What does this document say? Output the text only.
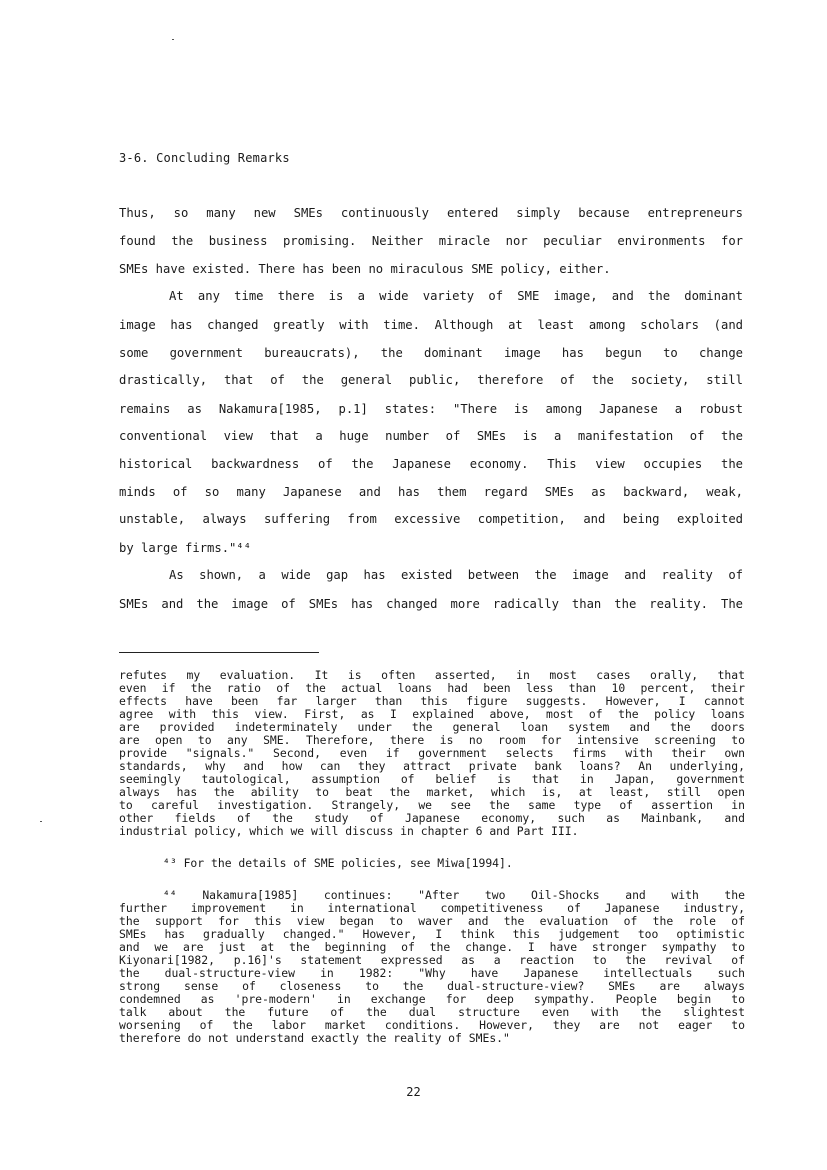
3-6. Concluding Remarks
Thus, so many new SMEs continuously entered simply because entrepreneurs
found the business promising. Neither miracle nor peculiar environments for
SMEs have existed. There has been no miraculous SME policy, either.
At any time there is a wide variety of SME image, and the dominant
image has changed greatly with time. Although at least among scholars (and
some government bureaucrats), the dominant image has begun to change
drastically, that of the general public, therefore of the society, still
remains as Nakamura[1985, p.1] states: "There is among Japanese a robust
conventional view that a huge number of SMEs is a manifestation of the
historical backwardness of the Japanese economy. This view occupies the
minds of so many Japanese and has them regard SMEs as backward, weak,
unstable, always suffering from excessive competition, and being exploited
by large firms."⁴⁴
As shown, a wide gap has existed between the image and reality of
SMEs and the image of SMEs has changed more radically than the reality. The
refutes my evaluation. It is often asserted, in most cases orally, that
even if the ratio of the actual loans had been less than 10 percent, their
effects have been far larger than this figure suggests. However, I cannot
agree with this view. First, as I explained above, most of the policy loans
are provided indeterminately under the general loan system and the doors
are open to any SME. Therefore, there is no room for intensive screening to
provide "signals." Second, even if government selects firms with their own
standards, why and how can they attract private bank loans? An underlying,
seemingly tautological, assumption of belief is that in Japan, government
always has the ability to beat the market, which is, at least, still open
to careful investigation. Strangely, we see the same type of assertion in
other fields of the study of Japanese economy, such as Mainbank, and
industrial policy, which we will discuss in chapter 6 and Part III.
⁴³ For the details of SME policies, see Miwa[1994].
⁴⁴ Nakamura[1985] continues: "After two Oil-Shocks and with the
further improvement in international competitiveness of Japanese industry,
the support for this view began to waver and the evaluation of the role of
SMEs has gradually changed." However, I think this judgement too optimistic
and we are just at the beginning of the change. I have stronger sympathy to
Kiyonari[1982, p.16]'s statement expressed as a reaction to the revival of
the dual-structure-view in 1982: "Why have Japanese intellectuals such
strong sense of closeness to the dual-structure-view? SMEs are always
condemned as 'pre-modern' in exchange for deep sympathy. People begin to
talk about the future of the dual structure even with the slightest
worsening of the labor market conditions. However, they are not eager to
therefore do not understand exactly the reality of SMEs."
22
